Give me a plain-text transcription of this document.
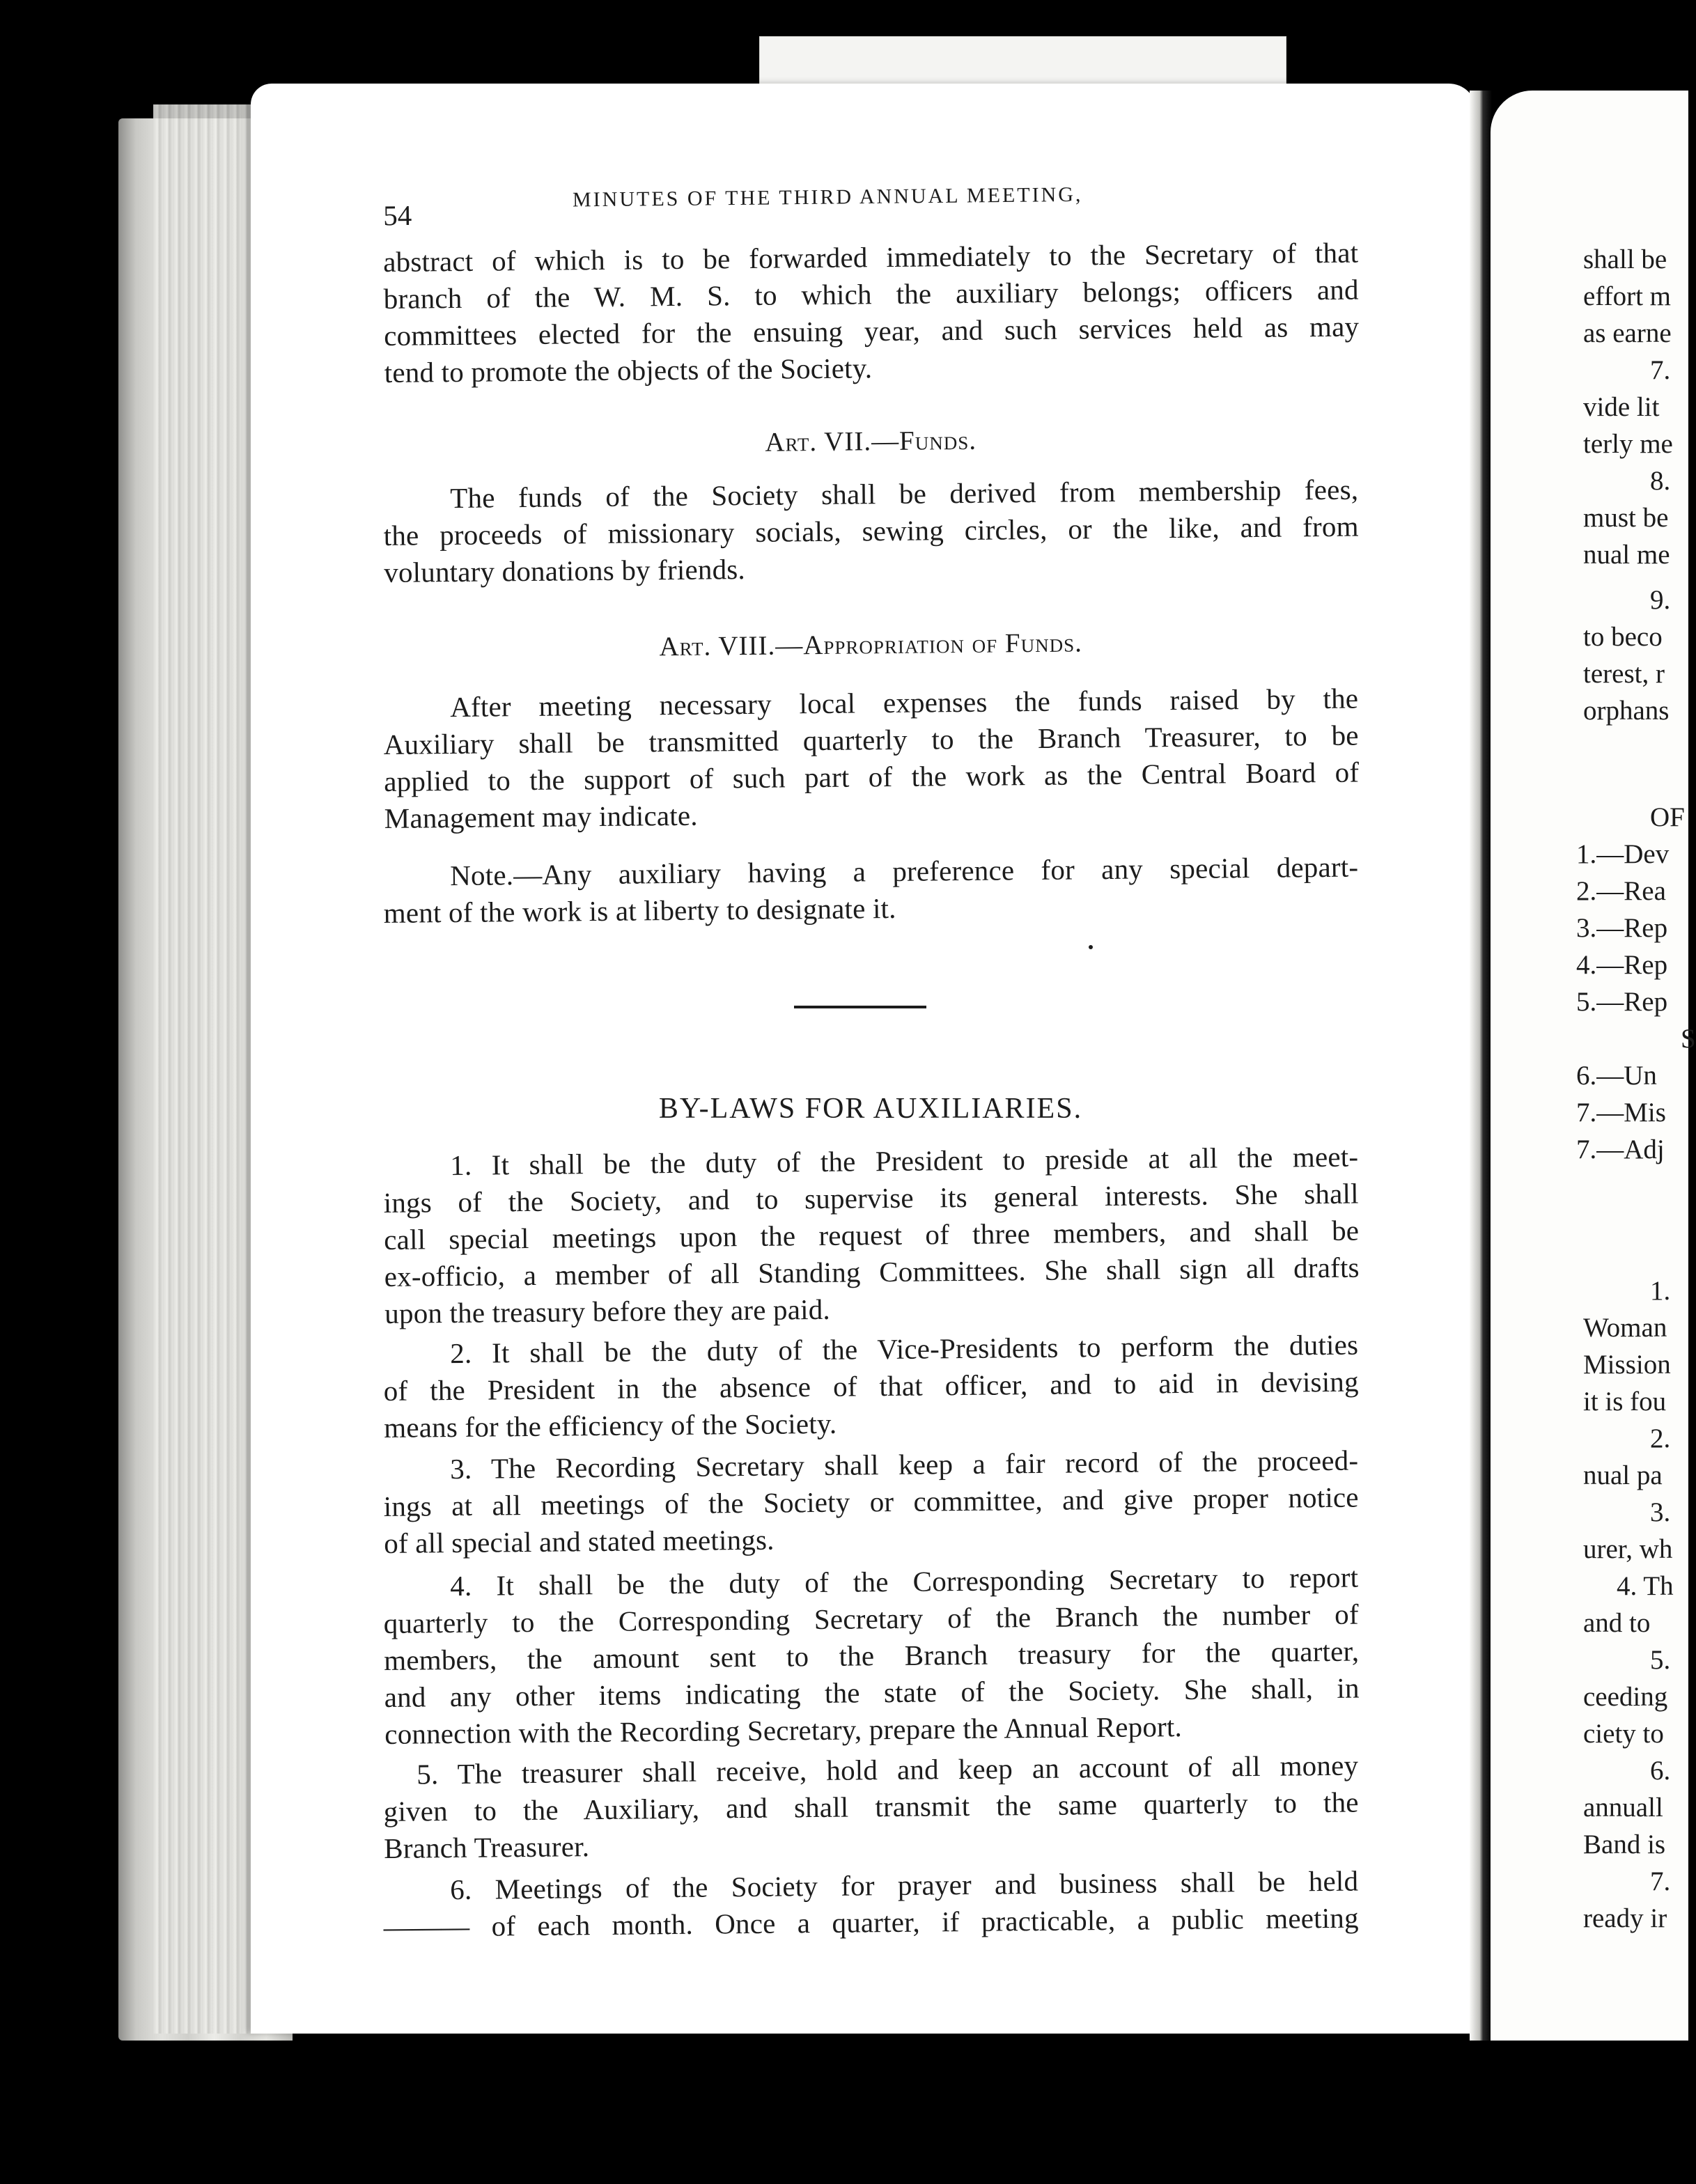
54
MINUTES OF THE THIRD ANNUAL MEETING,
abstract of which is to be forwarded immediately to the Secretary of that
branch of the W. M. S. to which the auxiliary belongs; officers and
committees elected for the ensuing year, and such services held as may
tend to promote the objects of the Society.
Art. VII.—Funds.
The funds of the Society shall be derived from membership fees,
the proceeds of missionary socials, sewing circles, or the like, and from
voluntary donations by friends.
Art. VIII.—Appropriation of Funds.
After meeting necessary local expenses the funds raised by the
Auxiliary shall be transmitted quarterly to the Branch Treasurer, to be
applied to the support of such part of the work as the Central Board of
Management may indicate.
Note.—Any auxiliary having a preference for any special depart-
ment of the work is at liberty to designate it.
BY-LAWS FOR AUXILIARIES.
1. It shall be the duty of the President to preside at all the meet-
ings of the Society, and to supervise its general interests. She shall
call special meetings upon the request of three members, and shall be
ex-officio, a member of all Standing Committees. She shall sign all drafts
upon the treasury before they are paid.
2. It shall be the duty of the Vice-Presidents to perform the duties
of the President in the absence of that officer, and to aid in devising
means for the efficiency of the Society.
3. The Recording Secretary shall keep a fair record of the proceed-
ings at all meetings of the Society or committee, and give proper notice
of all special and stated meetings.
4. It shall be the duty of the Corresponding Secretary to report
quarterly to the Corresponding Secretary of the Branch the number of
members, the amount sent to the Branch treasury for the quarter,
and any other items indicating the state of the Society. She shall, in
connection with the Recording Secretary, prepare the Annual Report.
5. The treasurer shall receive, hold and keep an account of all money
given to the Auxiliary, and shall transmit the same quarterly to the
Branch Treasurer.
6. Meetings of the Society for prayer and business shall be held
——— of each month. Once a quarter, if practicable, a public meeting
shall be
effort m
as earne
7.
vide lit
terly me
8.
must be
nual me
9.
to beco
terest, r
orphans
OF
1.—Dev
2.—Rea
3.—Rep
4.—Rep
5.—Rep
S
6.—Un
7.—Mis
7.—Adj
1.
Woman
Mission
it is fou
2.
nual pa
3.
urer, wh
4. Th
and to
5.
ceeding
ciety to
6.
annuall
Band is
7.
ready ir
